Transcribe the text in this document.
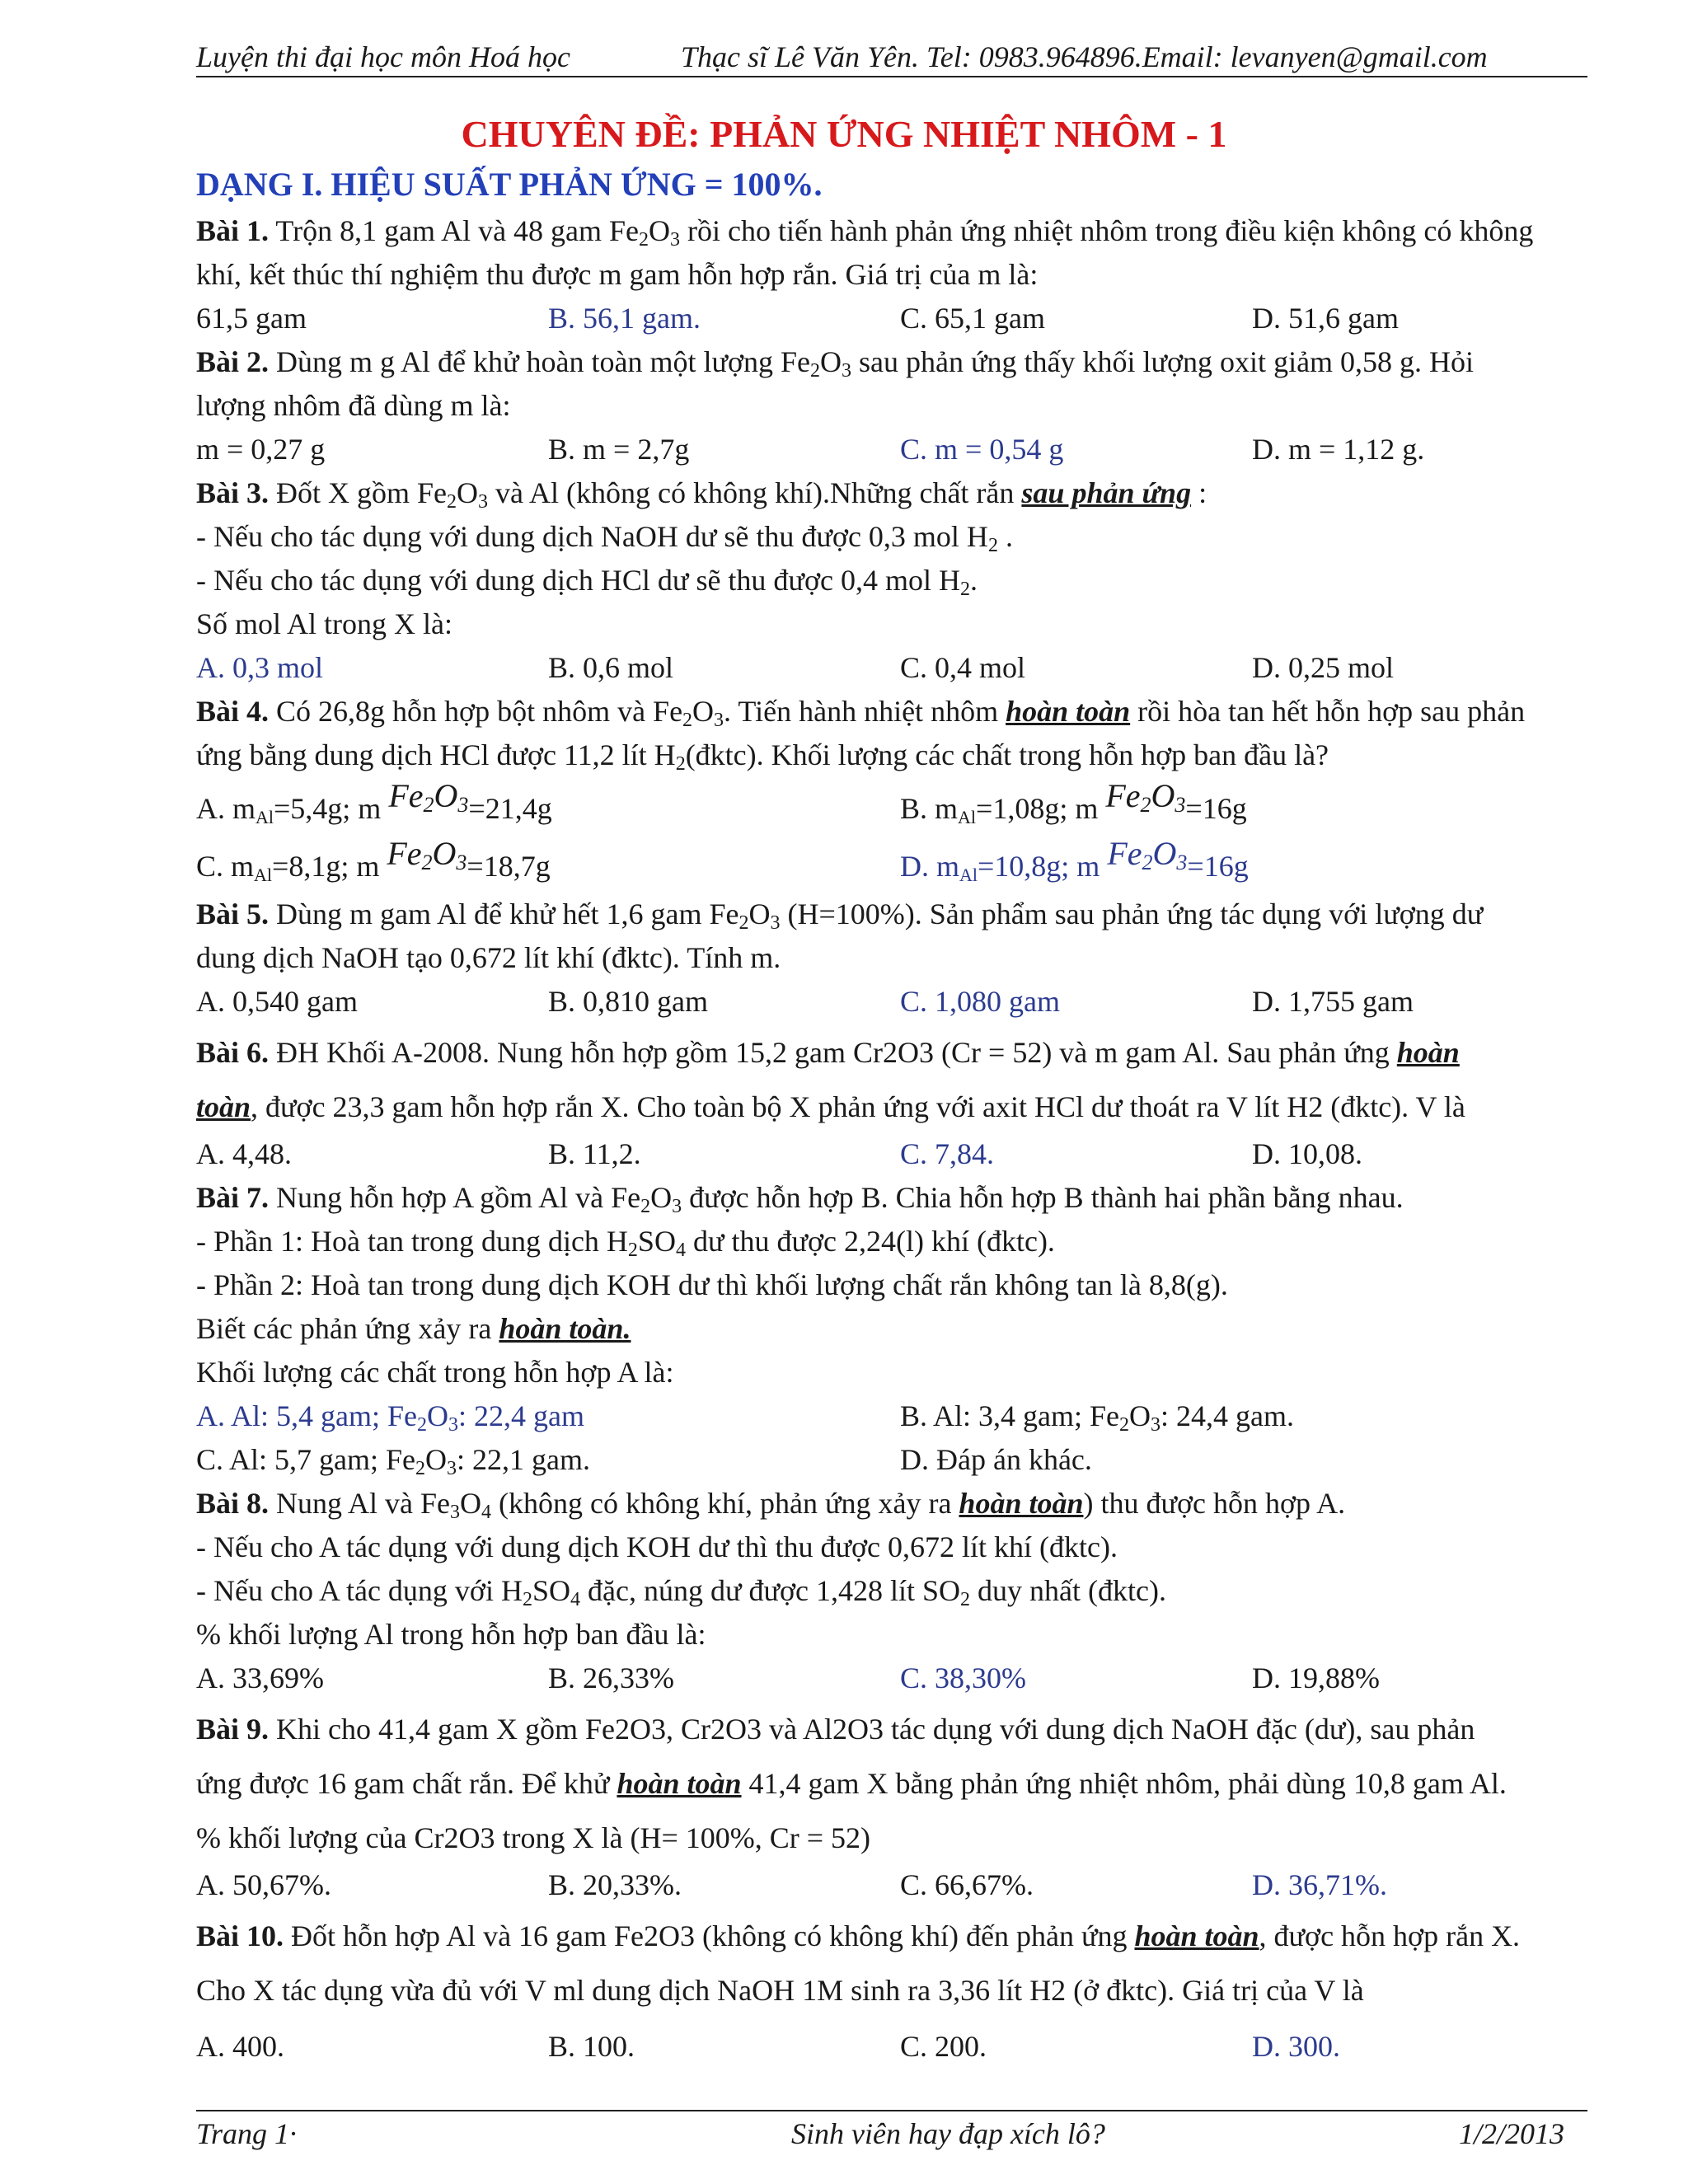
Luyện thi đại học môn Hoá học	Thạc sĩ Lê Văn Yên. Tel: 0983.964896.Email: levanyen@gmail.com
CHUYÊN ĐỀ: PHẢN ỨNG NHIỆT NHÔM - 1
DẠNG I. HIỆU SUẤT PHẢN ỨNG = 100%.
Bài 1. Trộn 8,1 gam Al và 48 gam $Fe_2O_3$ rồi cho tiến hành phản ứng nhiệt nhôm trong điều kiện không có không
khí, kết thúc thí nghiệm thu được m gam hỗn hợp rắn. Giá trị của m là:
61,5 gam	B. 56,1 gam.	C. 65,1 gam	D. 51,6 gam
Bài 2. Dùng m g Al để khử hoàn toàn một lượng $Fe_2O_3$ sau phản ứng thấy khối lượng oxit giảm 0,58 g. Hỏi
lượng nhôm đã dùng m là:
m = 0,27 g	B. m = 2,7g	C. m = 0,54 g	D. m = 1,12 g.
Bài 3. Đốt X gồm $Fe_2O_3$ và Al (không có không khí).Những chất rắn sau phản ứng :
- Nếu cho tác dụng với dung dịch NaOH dư sẽ thu được 0,3 mol $H_2$ .
- Nếu cho tác dụng với dung dịch HCl dư sẽ thu được 0,4 mol $H_2$.
Số mol Al trong X là:
A. 0,3 mol	B. 0,6 mol	C. 0,4 mol	D. 0,25 mol
Bài 4. Có 26,8g hỗn hợp bột nhôm và $Fe_2O_3$. Tiến hành nhiệt nhôm hoàn toàn rồi hòa tan hết hỗn hợp sau phản
ứng bằng dung dịch HCl được 11,2 lít $H_2(đktc)$. Khối lượng các chất trong hỗn hợp ban đầu là?
A. $m_{Al}=5,4g$; m $Fe_2O_3=21,4g$	B. $m_{Al}=1,08g$; m $Fe_2O_3=16g$
C. $m_{Al}=8,1g$; m $Fe_2O_3=18,7g$	D. $m_{Al}=10,8g$; m $Fe_2O_3=16g$
Bài 5. Dùng m gam Al để khử hết 1,6 gam $Fe_2O_3$ (H=100%). Sản phẩm sau phản ứng tác dụng với lượng dư
dung dịch NaOH tạo 0,672 lít khí (đktc). Tính m.
A. 0,540 gam	B. 0,810 gam	C. 1,080 gam	D. 1,755 gam
Bài 6. ĐH Khối A-2008. Nung hỗn hợp gồm 15,2 gam Cr2O3 (Cr = 52) và m gam Al. Sau phản ứng hoàn
toàn, được 23,3 gam hỗn hợp rắn X. Cho toàn bộ X phản ứng với axit HCl dư thoát ra V lít H2 (đktc). V là
A. 4,48.	B. 11,2.	C. 7,84.	D. 10,08.
Bài 7. Nung hỗn hợp A gồm Al và $Fe_2O_3$ được hỗn hợp B. Chia hỗn hợp B thành hai phần bằng nhau.
- Phần 1: Hoà tan trong dung dịch $H_2SO_4$ dư thu được 2,24(l) khí (đktc).
- Phần 2: Hoà tan trong dung dịch KOH dư thì khối lượng chất rắn không tan là 8,8(g).
Biết các phản ứng xảy ra hoàn toàn.
Khối lượng các chất trong hỗn hợp A là:
A. Al: 5,4 gam; $Fe_2O_3$: 22,4 gam	B. Al: 3,4 gam; $Fe_2O_3$: 24,4 gam.
C. Al: 5,7 gam; $Fe_2O_3$: 22,1 gam.	D. Đáp án khác.
Bài 8. Nung Al và $Fe_3O_4$ (không có không khí, phản ứng xảy ra hoàn toàn) thu được hỗn hợp A.
- Nếu cho A tác dụng với dung dịch KOH dư thì thu được 0,672 lít khí (đktc).
- Nếu cho A tác dụng với $H_2SO_4$ đặc, núng dư được 1,428 lít $SO_2$ duy nhất (đktc).
% khối lượng Al trong hỗn hợp ban đầu là:
A. 33,69%	B. 26,33%	C. 38,30%	D. 19,88%
Bài 9. Khi cho 41,4 gam X gồm Fe2O3, Cr2O3 và Al2O3 tác dụng với dung dịch NaOH đặc (dư), sau phản
ứng được 16 gam chất rắn. Để khử hoàn toàn 41,4 gam X bằng phản ứng nhiệt nhôm, phải dùng 10,8 gam Al.
% khối lượng của Cr2O3 trong X là (H= 100%, Cr = 52)
A. 50,67%.	B. 20,33%.	C. 66,67%.	D. 36,71%.
Bài 10. Đốt hỗn hợp Al và 16 gam Fe2O3 (không có không khí) đến phản ứng hoàn toàn, được hỗn hợp rắn X.
Cho X tác dụng vừa đủ với V ml dung dịch NaOH 1M sinh ra 3,36 lít H2 (ở đktc). Giá trị của V là
A. 400.	B. 100.	C. 200.	D. 300.
Trang 1·	Sinh viên hay đạp xích lô?	1/2/2013
